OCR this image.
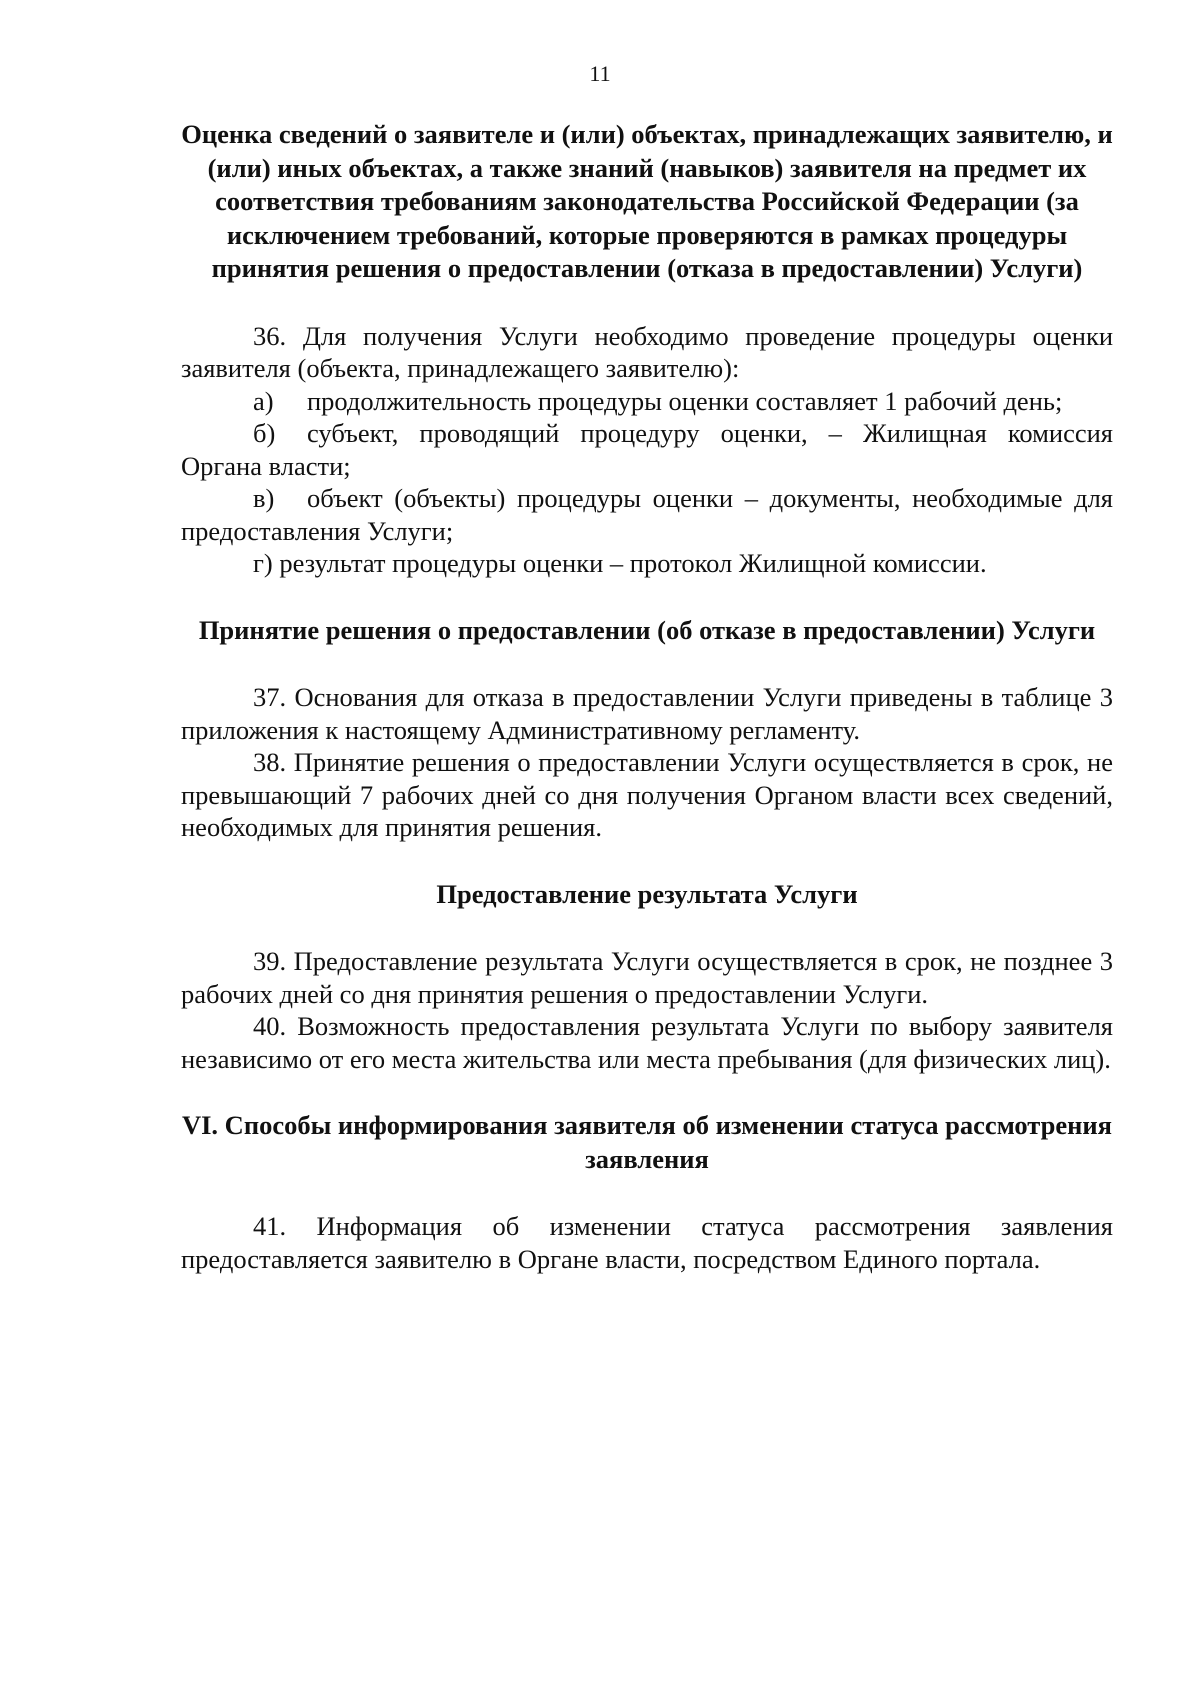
11

Оценка сведений о заявителе и (или) объектах, принадлежащих заявителю, и (или) иных объектах, а также знаний (навыков) заявителя на предмет их соответствия требованиям законодательства Российской Федерации (за исключением требований, которые проверяются в рамках процедуры принятия решения о предоставлении (отказа в предоставлении) Услуги)

36. Для получения Услуги необходимо проведение процедуры оценки заявителя (объекта, принадлежащего заявителю):

а) продолжительность процедуры оценки составляет 1 рабочий день;

б) субъект, проводящий процедуру оценки, – Жилищная комиссия Органа власти;

в) объект (объекты) процедуры оценки – документы, необходимые для предоставления Услуги;

г) результат процедуры оценки – протокол Жилищной комиссии.

Принятие решения о предоставлении (об отказе в предоставлении) Услуги

37. Основания для отказа в предоставлении Услуги приведены в таблице 3 приложения к настоящему Административному регламенту.

38. Принятие решения о предоставлении Услуги осуществляется в срок, не превышающий 7 рабочих дней со дня получения Органом власти всех сведений, необходимых для принятия решения.

Предоставление результата Услуги

39. Предоставление результата Услуги осуществляется в срок, не позднее 3 рабочих дней со дня принятия решения о предоставлении Услуги.

40. Возможность предоставления результата Услуги по выбору заявителя независимо от его места жительства или места пребывания (для физических лиц).

VI. Способы информирования заявителя об изменении статуса рассмотрения заявления

41. Информация об изменении статуса рассмотрения заявления предоставляется заявителю в Органе власти, посредством Единого портала.
